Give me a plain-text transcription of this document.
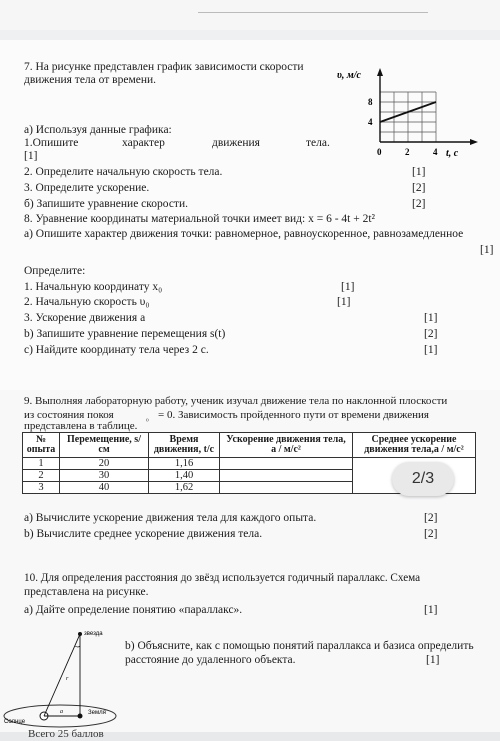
7. На рисунке представлен график зависимости скорости
движения тела от времени.	υ, м/с
t, с
8
4
0	2	4
а) Используя данные графика:
1.Опишите	характер	движения	тела.
[1]
2. Определите начальную скорость тела.	[1]
3. Определите ускорение.	[2]
б) Запишите уравнение скорости.	[2]
8. Уравнение координаты материальной точки имеет вид: x = 6 - 4t + 2t²
а) Опишите характер движения точки: равномерное, равноускоренное, равнозамедленное
[1]
Определите:
1. Начальную координату x₀	[1]
2. Начальную скорость υ₀	[1]
3. Ускорение движения а	[1]
b) Запишите уравнение перемещения s(t)	[2]
c) Найдите координату тела через 2 с.	[1]
9. Выполняя лабораторную работу, ученик изучал движение тела по наклонной плоскости
из состояния покоя	₀ = 0. Зависимость пройденного пути от времени движения
представлена в таблице.
№ опыта	Перемещение, s/см	Время движения, t/с	Ускорение движения тела, а / м/с²	Среднее ускорение движения тела,а / м/с²
1	20	1,16		
2	30	1,40		
3	40	1,62		
2/3
a) Вычислите ускорение движения тела для каждого опыта.	[2]
b) Вычислите среднее ускорение движения тела.	[2]
10. Для определения расстояния до звёзд используется годичный параллакс. Схема
представлена на рисунке.
а) Дайте определение понятию «параллакс».	[1]
b) Объясните, как с помощью понятий параллакса и базиса определить
расстояние до удаленного объекта.	[1]
звезда
Солнце
Земля
r
a
Всего 25 баллов
